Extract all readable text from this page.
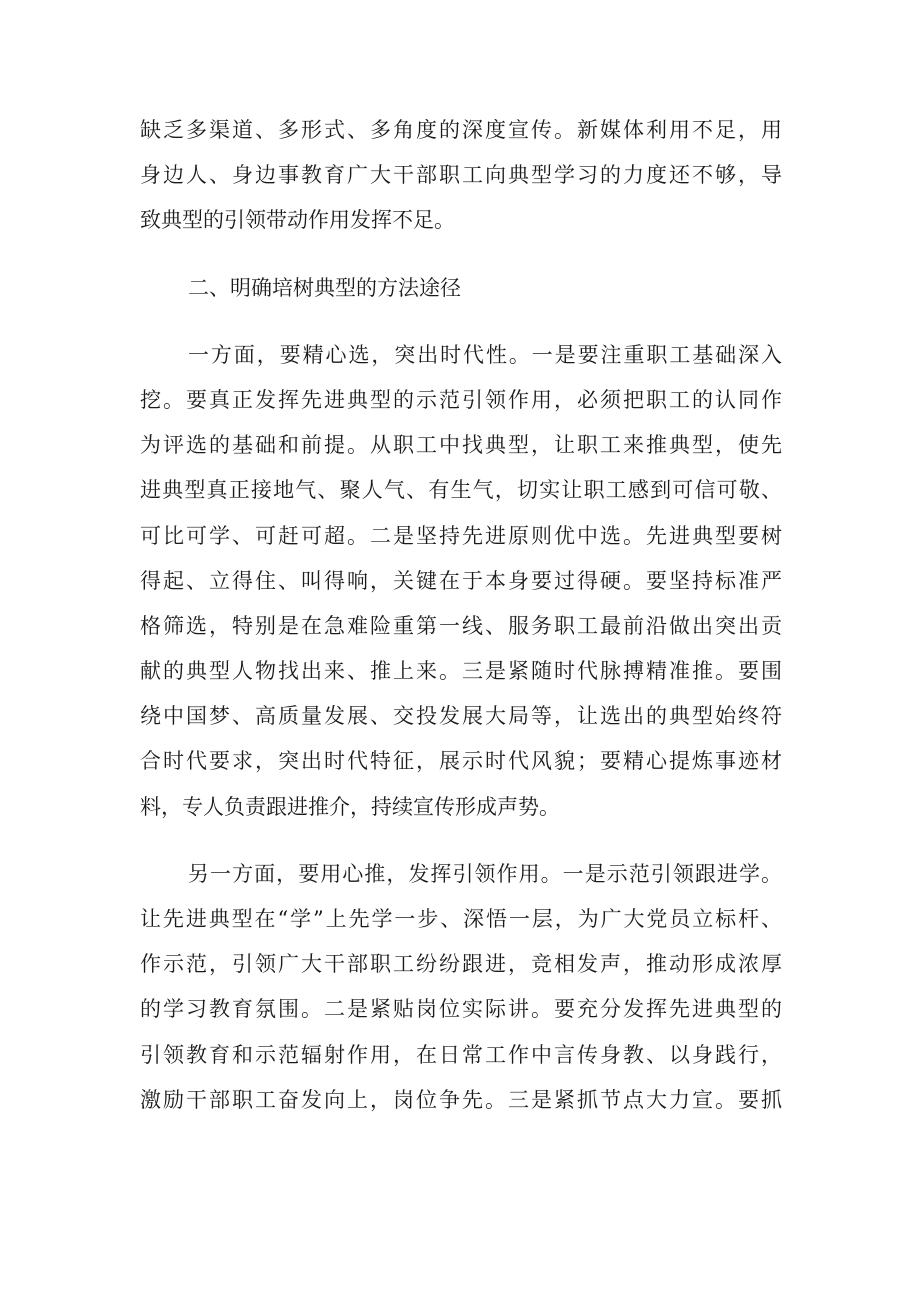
缺乏多渠道、多形式、多角度的深度宣传。新媒体利用不足，用
身边人、身边事教育广大干部职工向典型学习的力度还不够，导
致典型的引领带动作用发挥不足。
二、明确培树典型的方法途径
一方面，要精心选，突出时代性。一是要注重职工基础深入
挖。要真正发挥先进典型的示范引领作用，必须把职工的认同作
为评选的基础和前提。从职工中找典型，让职工来推典型，使先
进典型真正接地气、聚人气、有生气，切实让职工感到可信可敬、
可比可学、可赶可超。二是坚持先进原则优中选。先进典型要树
得起、立得住、叫得响，关键在于本身要过得硬。要坚持标准严
格筛选，特别是在急难险重第一线、服务职工最前沿做出突出贡
献的典型人物找出来、推上来。三是紧随时代脉搏精准推。要围
绕中国梦、高质量发展、交投发展大局等，让选出的典型始终符
合时代要求，突出时代特征，展示时代风貌；要精心提炼事迹材
料，专人负责跟进推介，持续宣传形成声势。
另一方面，要用心推，发挥引领作用。一是示范引领跟进学。
让先进典型在“学”上先学一步、深悟一层，为广大党员立标杆、
作示范，引领广大干部职工纷纷跟进，竞相发声，推动形成浓厚
的学习教育氛围。二是紧贴岗位实际讲。要充分发挥先进典型的
引领教育和示范辐射作用，在日常工作中言传身教、以身践行，
激励干部职工奋发向上，岗位争先。三是紧抓节点大力宣。要抓
